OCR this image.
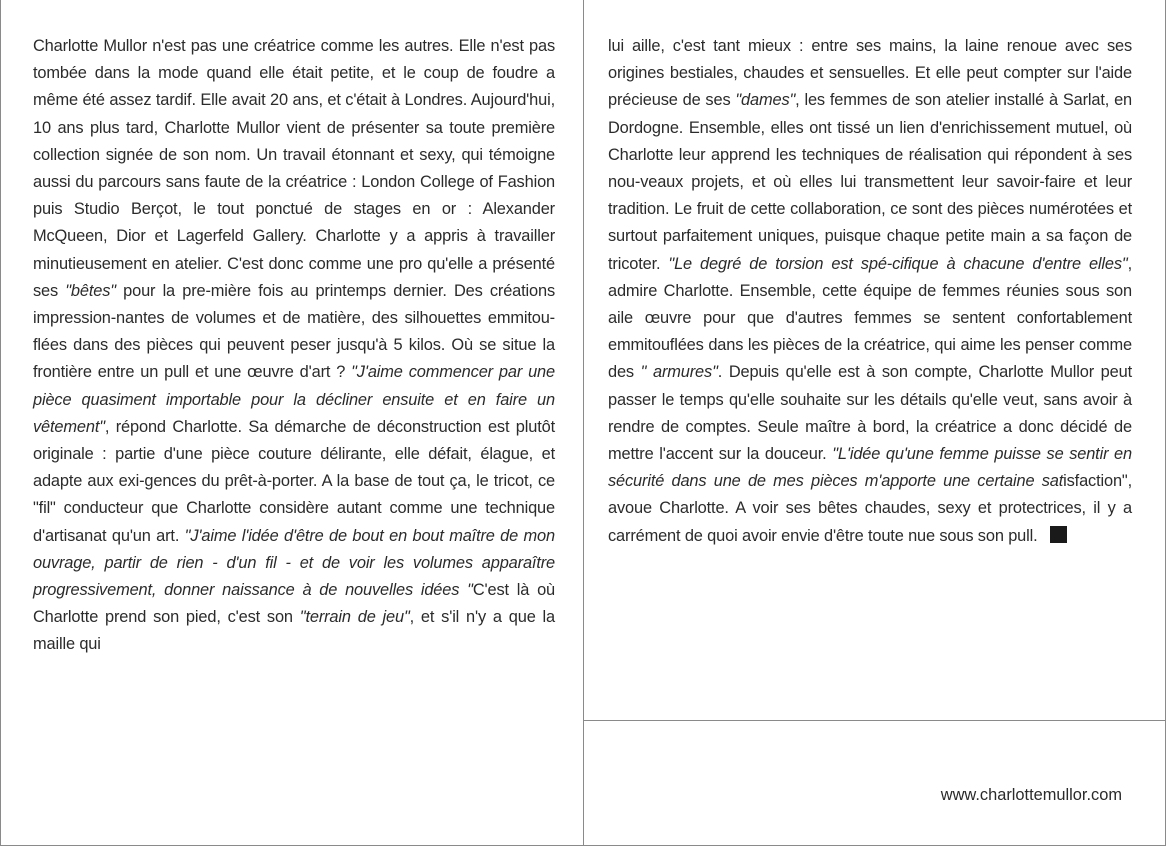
Charlotte Mullor n'est pas une créatrice comme les autres. Elle n'est pas tombée dans la mode quand elle était petite, et le coup de foudre a même été assez tardif. Elle avait 20 ans, et c'était à Londres. Aujourd'hui, 10 ans plus tard, Charlotte Mullor vient de présenter sa toute première collection signée de son nom. Un travail étonnant et sexy, qui témoigne aussi du parcours sans faute de la créatrice : London College of Fashion puis Studio Berçot, le tout ponctué de stages en or : Alexander McQueen, Dior et Lagerfeld Gallery. Charlotte y a appris à travailler minutieusement en atelier. C'est donc comme une pro qu'elle a présenté ses "bêtes" pour la pre-mière fois au printemps dernier. Des créations impression-nantes de volumes et de matière, des silhouettes emmitou-flées dans des pièces qui peuvent peser jusqu'à 5 kilos. Où se situe la frontière entre un pull et une œuvre d'art ? "J'aime commencer par une pièce quasiment importable pour la décliner ensuite et en faire un vêtement", répond Charlotte. Sa démarche de déconstruction est plutôt originale : partie d'une pièce couture délirante, elle défait, élague, et adapte aux exi-gences du prêt-à-porter. A la base de tout ça, le tricot, ce "fil" conducteur que Charlotte considère autant comme une technique d'artisanat qu'un art. "J'aime l'idée d'être de bout en bout maître de mon ouvrage, partir de rien - d'un fil - et de voir les volumes apparaître progressivement, donner naissance à de nouvelles idées "C'est là où Charlotte prend son pied, c'est son "terrain de jeu", et s'il n'y a que la maille qui

lui aille, c'est tant mieux : entre ses mains, la laine renoue avec ses origines bestiales, chaudes et sensuelles. Et elle peut compter sur l'aide précieuse de ses "dames", les femmes de son atelier installé à Sarlat, en Dordogne. Ensemble, elles ont tissé un lien d'enrichissement mutuel, où Charlotte leur apprend les techniques de réalisation qui répondent à ses nou-veaux projets, et où elles lui transmettent leur savoir-faire et leur tradition. Le fruit de cette collaboration, ce sont des pièces numérotées et surtout parfaitement uniques, puisque chaque petite main a sa façon de tricoter. "Le degré de torsion est spé-cifique à chacune d'entre elles", admire Charlotte. Ensemble, cette équipe de femmes réunies sous son aile œuvre pour que d'autres femmes se sentent confortablement emmitouflées dans les pièces de la créatrice, qui aime les penser comme des " armures". Depuis qu'elle est à son compte, Charlotte Mullor peut passer le temps qu'elle souhaite sur les détails qu'elle veut, sans avoir à rendre de comptes. Seule maître à bord, la créatrice a donc décidé de mettre l'accent sur la douceur. "L'idée qu'une femme puisse se sentir en sécurité dans une de mes pièces m'apporte une certaine satisfaction", avoue Charlotte. A voir ses bêtes chaudes, sexy et protectrices, il y a carrément de quoi avoir envie d'être toute nue sous son pull.

www.charlottemullor.com
